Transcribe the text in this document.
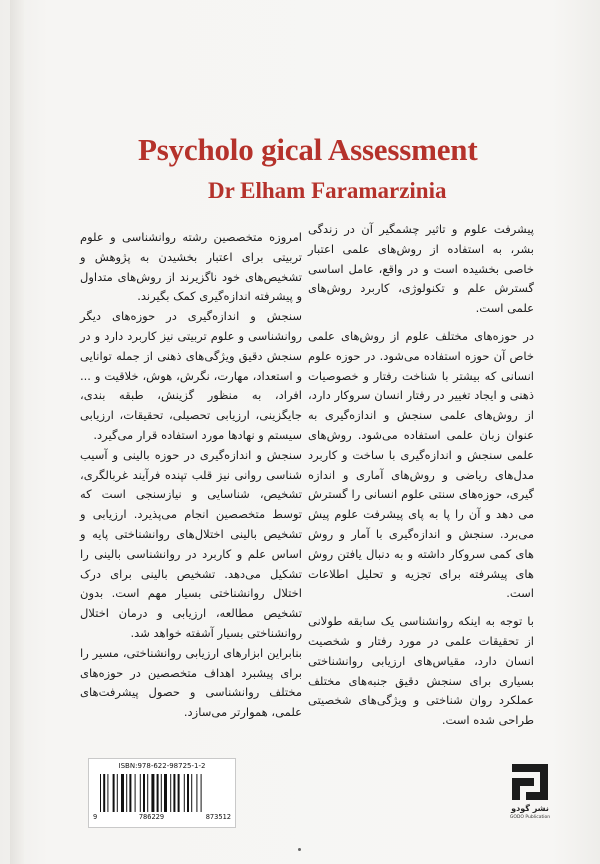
Psycholo gical Assessment
Dr Elham Faramarzinia

پیشرفت علوم و تاثیر چشمگیر آن در زندگی بشر، به استفاده از روش‌های علمی اعتبار خاصی بخشیده است و در واقع، عامل اساسی گسترش علم و تکنولوژی، کاربرد روش‌های علمی است.

در حوزه‌های مختلف علوم از روش‌های علمی خاص آن حوزه استفاده می‌شود. در حوزه علوم انسانی که بیشتر با شناخت رفتار و خصوصیات ذهنی و ایجاد تغییر در رفتار انسان سروکار دارد، از روش‌های علمی سنجش و اندازه‌گیری به عنوان زبان علمی استفاده می‌شود. روش‌های علمی سنجش و اندازه‌گیری با ساخت و کاربرد مدل‌های ریاضی و روش‌های آماری و اندازه گیری، حوزه‌های سنتی علوم انسانی را گسترش می دهد و آن را پا به پای پیشرفت علوم پیش می‌برد. سنجش و اندازه‌گیری با آمار و روش های کمی سروکار داشته و به دنبال یافتن روش های پیشرفته برای تجزیه و تحلیل اطلاعات است.

با توجه به اینکه روانشناسی یک سابقه طولانی از تحقیقات علمی در مورد رفتار و شخصیت انسان دارد، مقیاس‌های ارزیابی روانشناختی بسیاری برای سنجش دقیق جنبه‌های مختلف عملکرد روان شناختی و ویژگی‌های شخصیتی طراحی شده است.

امروزه متخصصین رشته روانشناسی و علوم تربیتی برای اعتبار بخشیدن به پژوهش و تشخیص‌های خود ناگزیرند از روش‌های متداول و پیشرفته اندازه‌گیری کمک بگیرند.

سنجش و اندازه‌گیری در حوزه‌های دیگر روانشناسی و علوم تربیتی نیز کاربرد دارد و در سنجش دقیق ویژگی‌های ذهنی از جمله توانایی و استعداد، مهارت، نگرش، هوش، خلاقیت و ... افراد، به منظور گزینش، طبقه بندی، جایگزینی، ارزیابی تحصیلی، تحقیقات، ارزیابی سیستم و نهادها مورد استفاده قرار می‌گیرد.

سنجش و اندازه‌گیری در حوزه بالینی و آسیب شناسی روانی نیز قلب تپنده فرآیند غربالگری، تشخیص، شناسایی و نیازسنجی است که توسط متخصصین انجام می‌پذیرد. ارزیابی و تشخیص بالینی اختلال‌های روانشناختی پایه و اساس علم و کاربرد در روانشناسی بالینی را تشکیل می‌دهد. تشخیص بالینی برای درک اختلال روانشناختی بسیار مهم است. بدون تشخیص مطالعه، ارزیابی و درمان اختلال روانشناختی بسیار آشفته خواهد شد.

بنابراین ابزارهای ارزیابی روانشناختی، مسیر را برای پیشبرد اهداف متخصصین در حوزه‌های مختلف روانشناسی و حصول پیشرفت‌های علمی، هموارتر می‌سازد.

ISBN:978-622-98725-1-2
9	786229	873512
نشر گودو
GODO Publication
